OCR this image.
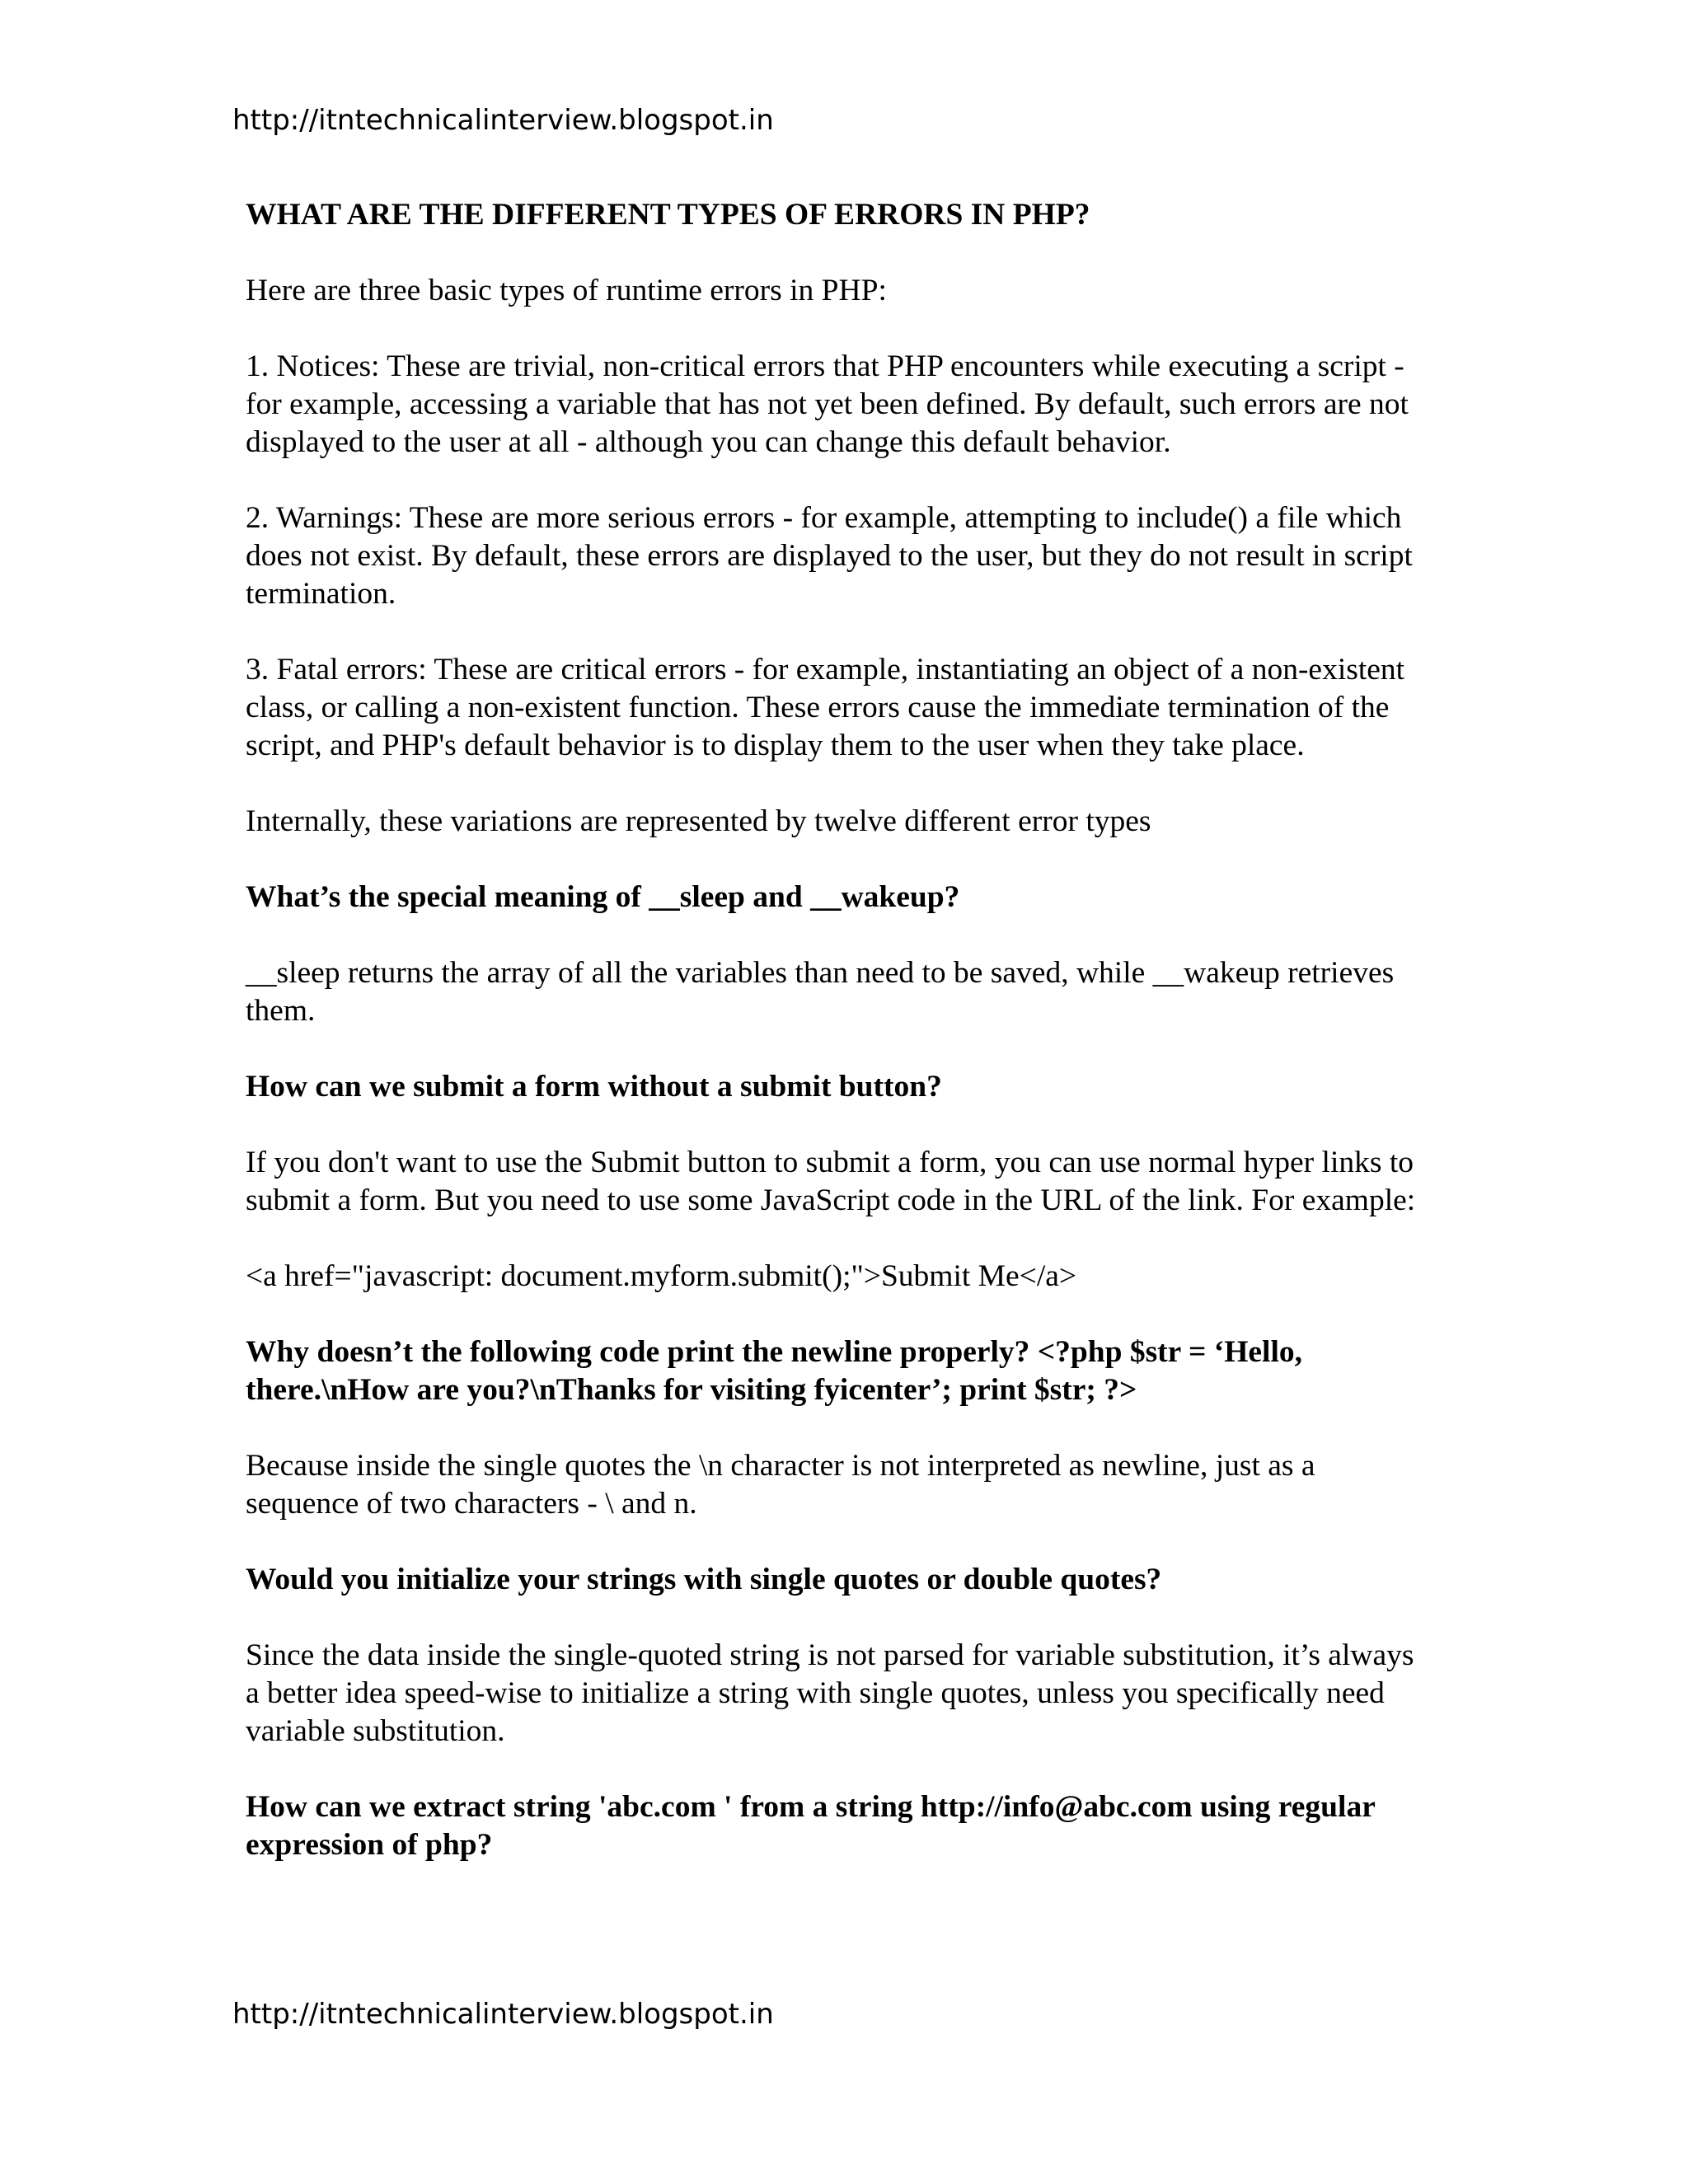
http://itntechnicalinterview.blogspot.in

WHAT ARE THE DIFFERENT TYPES OF ERRORS IN PHP?

Here are three basic types of runtime errors in PHP:

1. Notices: These are trivial, non-critical errors that PHP encounters while executing a script - for example, accessing a variable that has not yet been defined. By default, such errors are not displayed to the user at all - although you can change this default behavior.

2. Warnings: These are more serious errors - for example, attempting to include() a file which does not exist. By default, these errors are displayed to the user, but they do not result in script termination.

3. Fatal errors: These are critical errors - for example, instantiating an object of a non-existent class, or calling a non-existent function. These errors cause the immediate termination of the script, and PHP's default behavior is to display them to the user when they take place.

Internally, these variations are represented by twelve different error types

What’s the special meaning of __sleep and __wakeup?

__sleep returns the array of all the variables than need to be saved, while __wakeup retrieves them.

How can we submit a form without a submit button?

If you don't want to use the Submit button to submit a form, you can use normal hyper links to submit a form. But you need to use some JavaScript code in the URL of the link. For example:

<a href="javascript: document.myform.submit();">Submit Me</a>

Why doesn’t the following code print the newline properly? <?php $str = ‘Hello, there.\nHow are you?\nThanks for visiting fyicenter’; print $str; ?>

Because inside the single quotes the \n character is not interpreted as newline, just as a sequence of two characters - \ and n.

Would you initialize your strings with single quotes or double quotes?

Since the data inside the single-quoted string is not parsed for variable substitution, it’s always a better idea speed-wise to initialize a string with single quotes, unless you specifically need variable substitution.

How can we extract string 'abc.com ' from a string http://info@abc.com using regular expression of php?

http://itntechnicalinterview.blogspot.in
